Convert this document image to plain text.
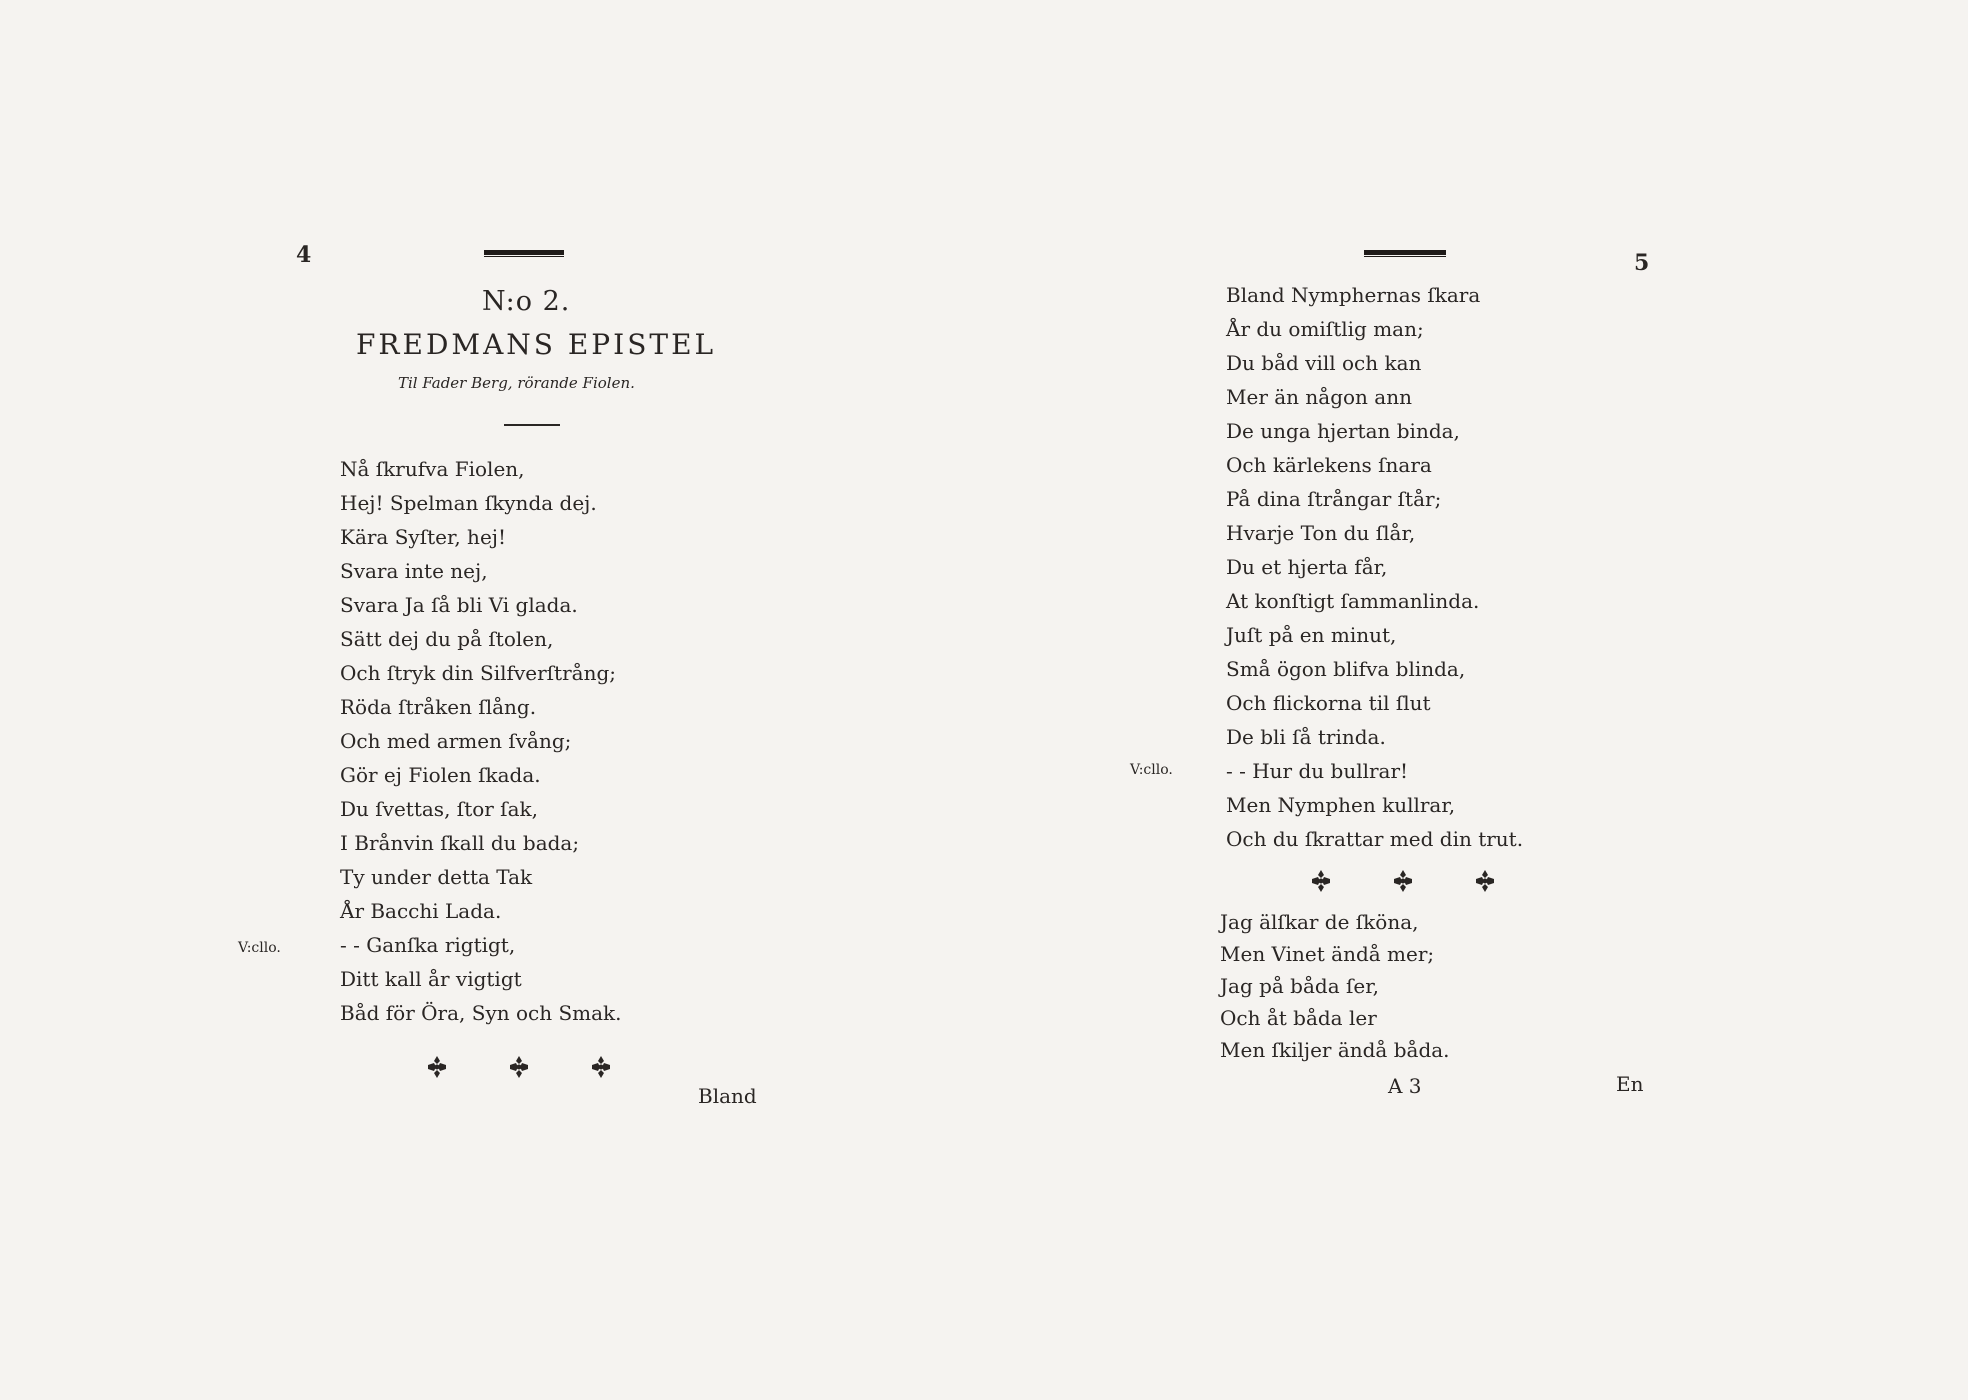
4
N:o 2.
FREDMANS EPISTEL
Til Fader Berg, rörande Fiolen.
Nå ſkrufva Fiolen,
Hej! Spelman ſkynda dej.
Kära Syſter, hej!
Svara inte nej,
Svara Ja ſå bli Vi glada.
Sätt dej du på ſtolen,
Och ſtryk din Silfverſtrång;
Röda ſtråken ſlång.
Och med armen ſvång;
Gör ej Fiolen ſkada.
Du ſvettas, ſtor ſak,
I Brånvin ſkall du bada;
Ty under detta Tak
År Bacchi Lada.
- - Ganſka rigtigt,
Ditt kall år vigtigt
Båd för Öra, Syn och Smak.
V:cllo.
Bland
5
Bland Nymphernas ſkara
År du omiſtlig man;
Du båd vill och kan
Mer än någon ann
De unga hjertan binda,
Och kärlekens ſnara
På dina ſtrångar ſtår;
Hvarje Ton du ſlår,
Du et hjerta får,
At konſtigt ſammanlinda.
Juſt på en minut,
Små ögon blifva blinda,
Och flickorna til ſlut
De bli ſå trinda.
- - Hur du bullrar!
Men Nymphen kullrar,
Och du ſkrattar med din trut.
V:cllo.
Jag älſkar de ſköna,
Men Vinet ändå mer;
Jag på båda ſer,
Och åt båda ler
Men ſkiljer ändå båda.
A 3	En
